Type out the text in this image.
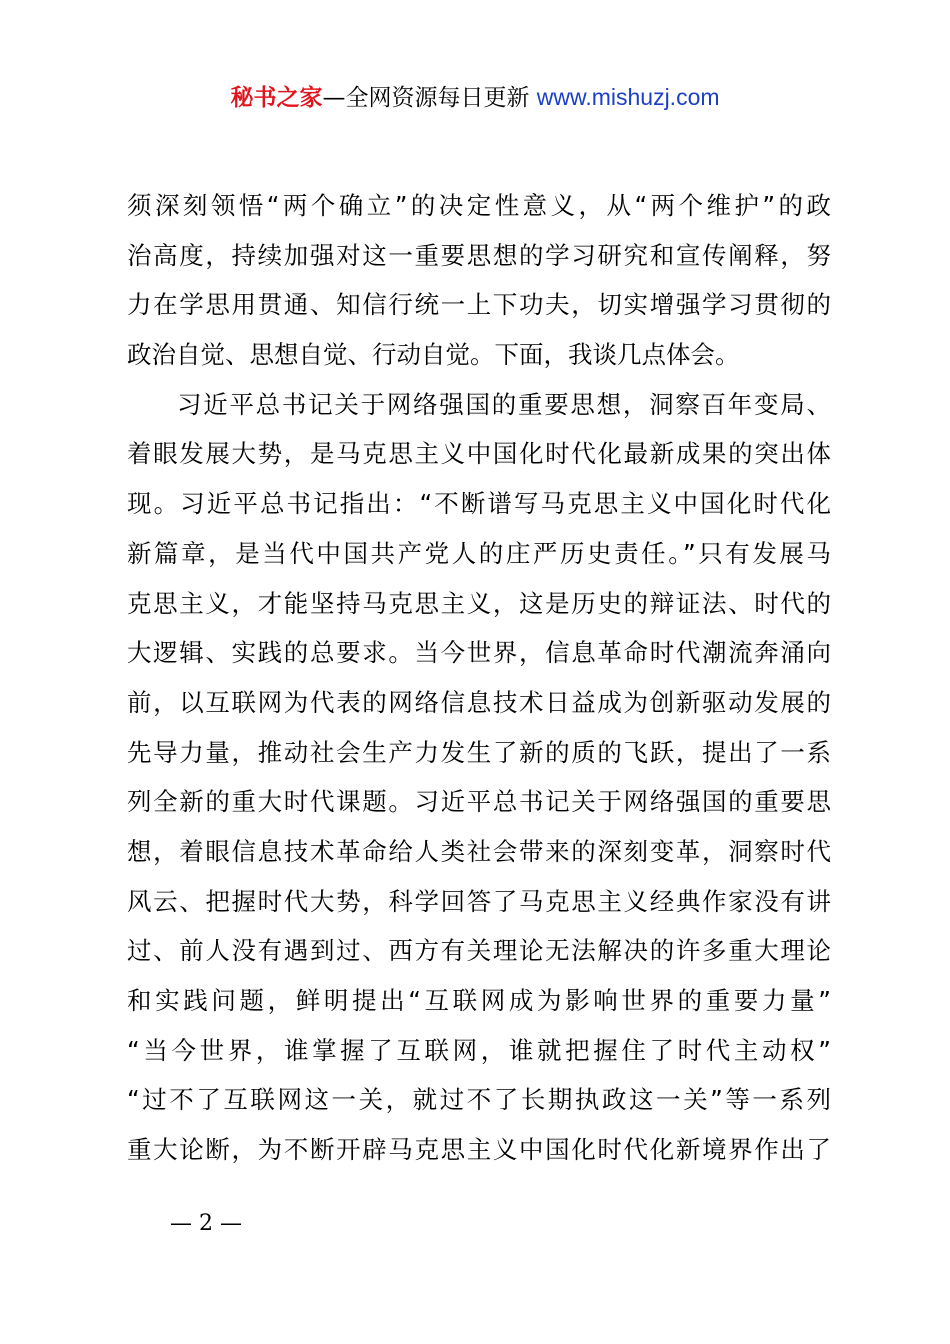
秘书之家—全网资源每日更新 www.mishuzj.com
须深刻领悟“两个确立”的决定性意义，从“两个维护”的政
治高度，持续加强对这一重要思想的学习研究和宣传阐释，努
力在学思用贯通、知信行统一上下功夫，切实增强学习贯彻的
政治自觉、思想自觉、行动自觉。下面，我谈几点体会。
习近平总书记关于网络强国的重要思想，洞察百年变局、
着眼发展大势，是马克思主义中国化时代化最新成果的突出体
现。习近平总书记指出：“不断谱写马克思主义中国化时代化
新篇章，是当代中国共产党人的庄严历史责任。”只有发展马
克思主义，才能坚持马克思主义，这是历史的辩证法、时代的
大逻辑、实践的总要求。当今世界，信息革命时代潮流奔涌向
前，以互联网为代表的网络信息技术日益成为创新驱动发展的
先导力量，推动社会生产力发生了新的质的飞跃，提出了一系
列全新的重大时代课题。习近平总书记关于网络强国的重要思
想，着眼信息技术革命给人类社会带来的深刻变革，洞察时代
风云、把握时代大势，科学回答了马克思主义经典作家没有讲
过、前人没有遇到过、西方有关理论无法解决的许多重大理论
和实践问题，鲜明提出“互联网成为影响世界的重要力量”
“当今世界，谁掌握了互联网，谁就把握住了时代主动权”
“过不了互联网这一关，就过不了长期执政这一关”等一系列
重大论断，为不断开辟马克思主义中国化时代化新境界作出了
— 2 —
